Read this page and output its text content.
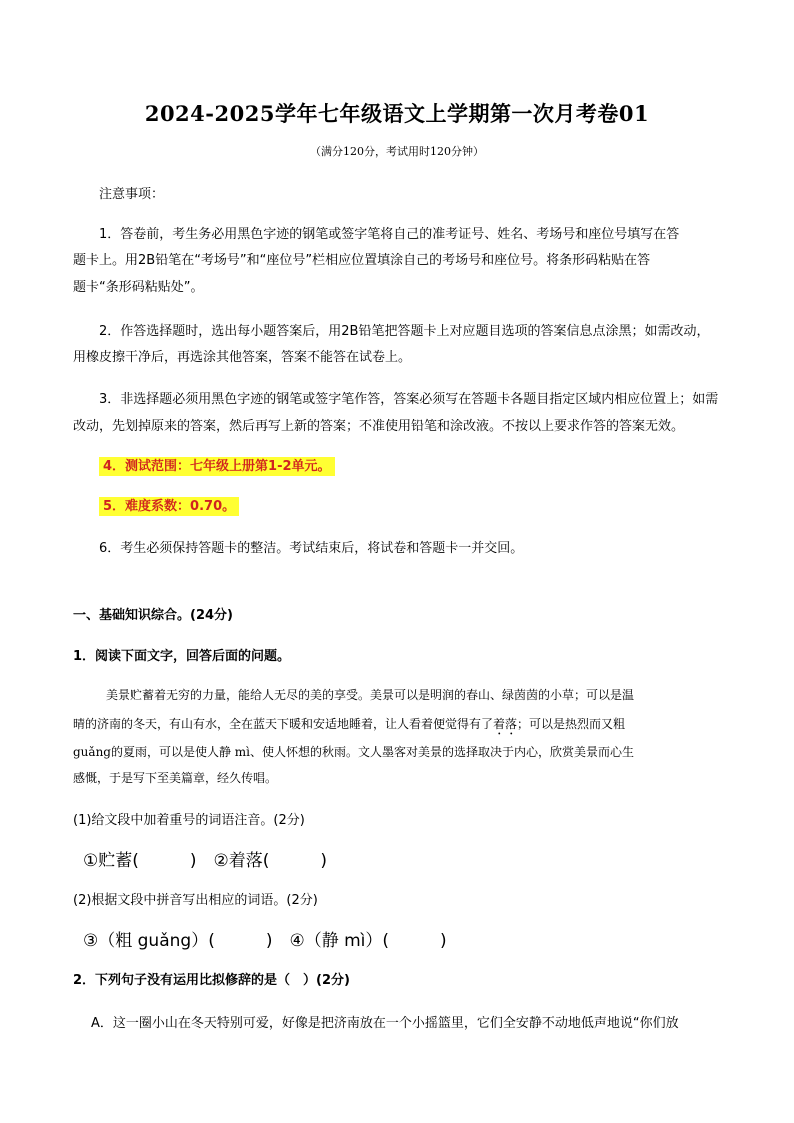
2024-2025学年七年级语文上学期第一次月考卷01
（满分120分，考试用时120分钟）
注意事项：
1．答卷前，考生务必用黑色字迹的钢笔或签字笔将自己的准考证号、姓名、考场号和座位号填写在答
题卡上。用2B铅笔在“考场号”和“座位号”栏相应位置填涂自己的考场号和座位号。将条形码粘贴在答
题卡“条形码粘贴处”。
2．作答选择题时，选出每小题答案后，用2B铅笔把答题卡上对应题目选项的答案信息点涂黑；如需改动，
用橡皮擦干净后，再选涂其他答案，答案不能答在试卷上。
3．非选择题必须用黑色字迹的钢笔或签字笔作答，答案必须写在答题卡各题目指定区域内相应位置上；如需
改动，先划掉原来的答案，然后再写上新的答案；不准使用铅笔和涂改液。不按以上要求作答的答案无效。
4．测试范围：七年级上册第1-2单元。
5．难度系数：0.70。
6．考生必须保持答题卡的整洁。考试结束后，将试卷和答题卡一并交回。
一、基础知识综合。(24分)
1．阅读下面文字，回答后面的问题。
美景贮蓄着无穷的力量，能给人无尽的美的享受。美景可以是明润的春山、绿茵茵的小草；可以是温
晴的济南的冬天，有山有水，全在蓝天下暖和安适地睡着，让人看着便觉得有了着落；可以是热烈而又粗
guǎng的夏雨，可以是使人静 mì、使人怀想的秋雨。文人墨客对美景的选择取决于内心，欣赏美景而心生
感慨，于是写下至美篇章，经久传唱。
(1)给文段中加着重号的词语注音。(2分)
①贮蓄(　　　)　②着落(　　　)
(2)根据文段中拼音写出相应的词语。(2分)
③（粗 guǎng）(　　　)　④（静 mì）(　　　)
2．下列句子没有运用比拟修辞的是（　）(2分)
A．这一圈小山在冬天特别可爱，好像是把济南放在一个小摇篮里，它们全安静不动地低声地说“你们放
